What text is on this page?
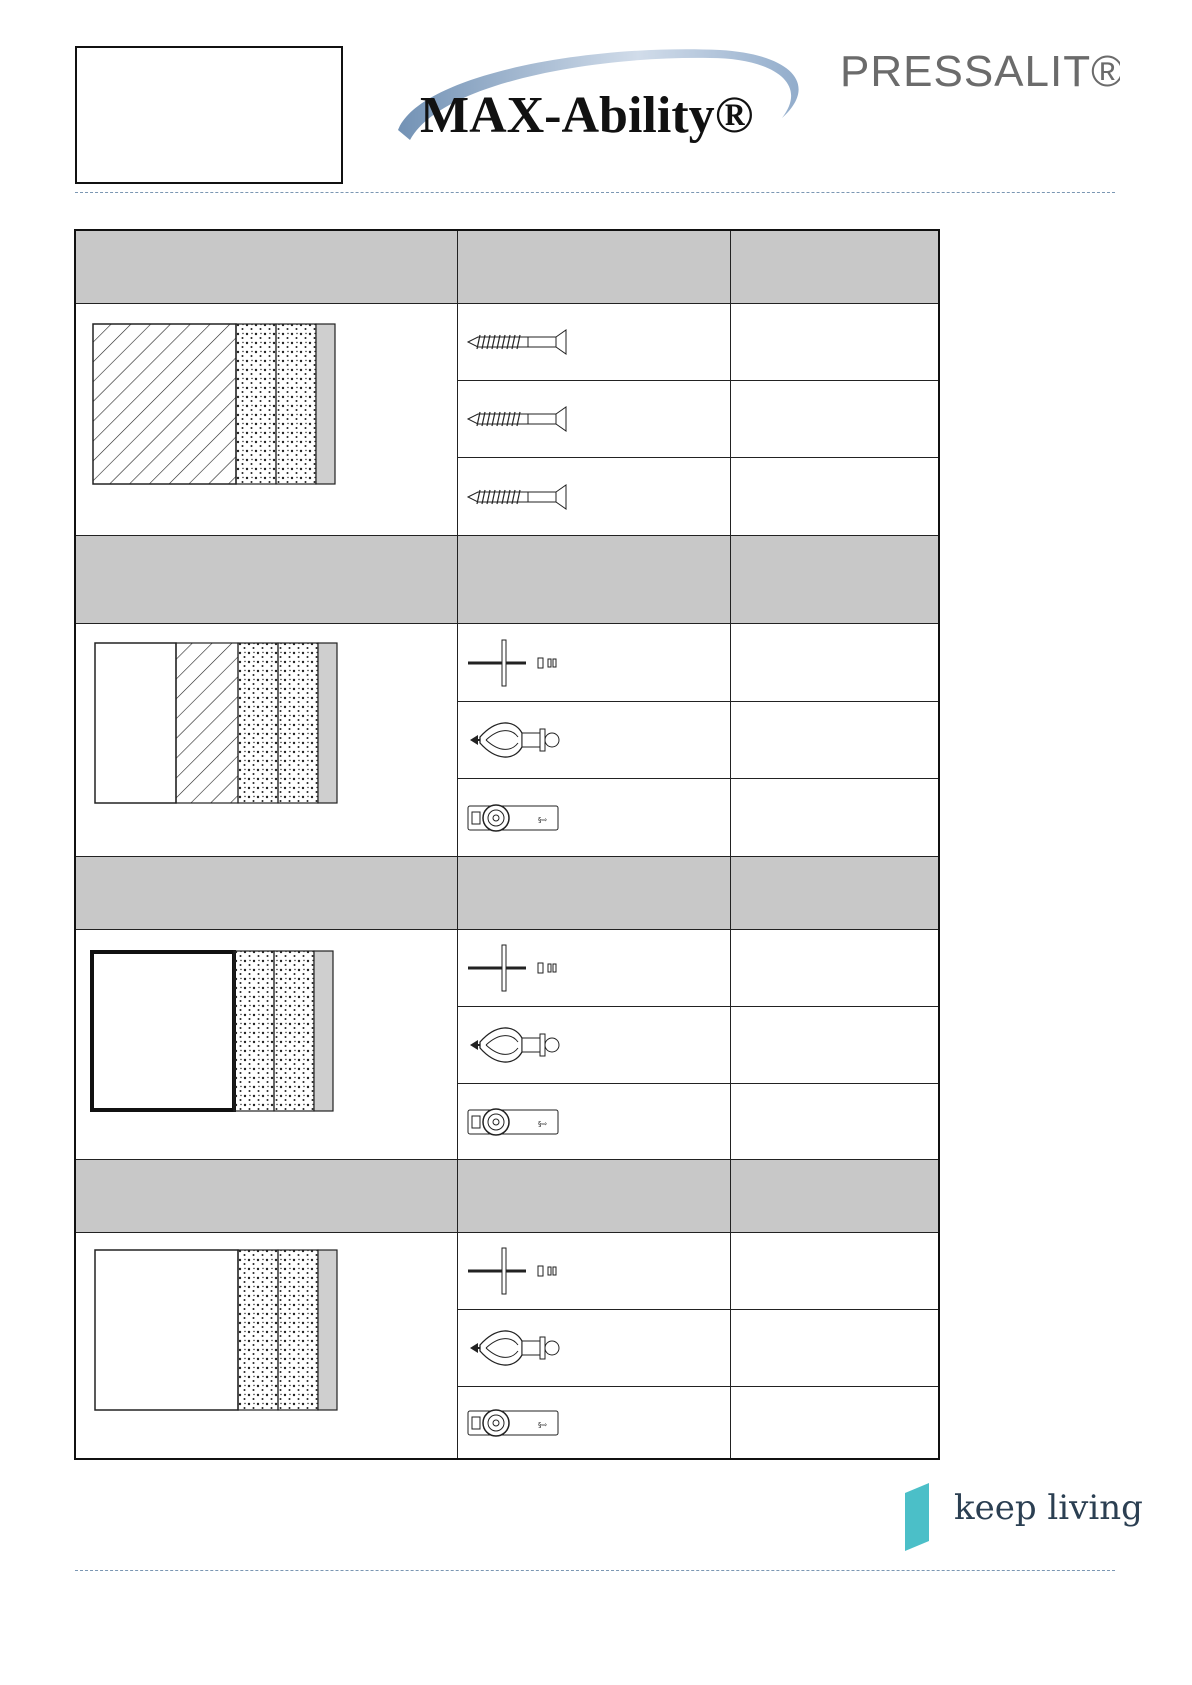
MAX-Ability®
PRESSALIT®
§⇨
§⇨
§⇨
keep living
